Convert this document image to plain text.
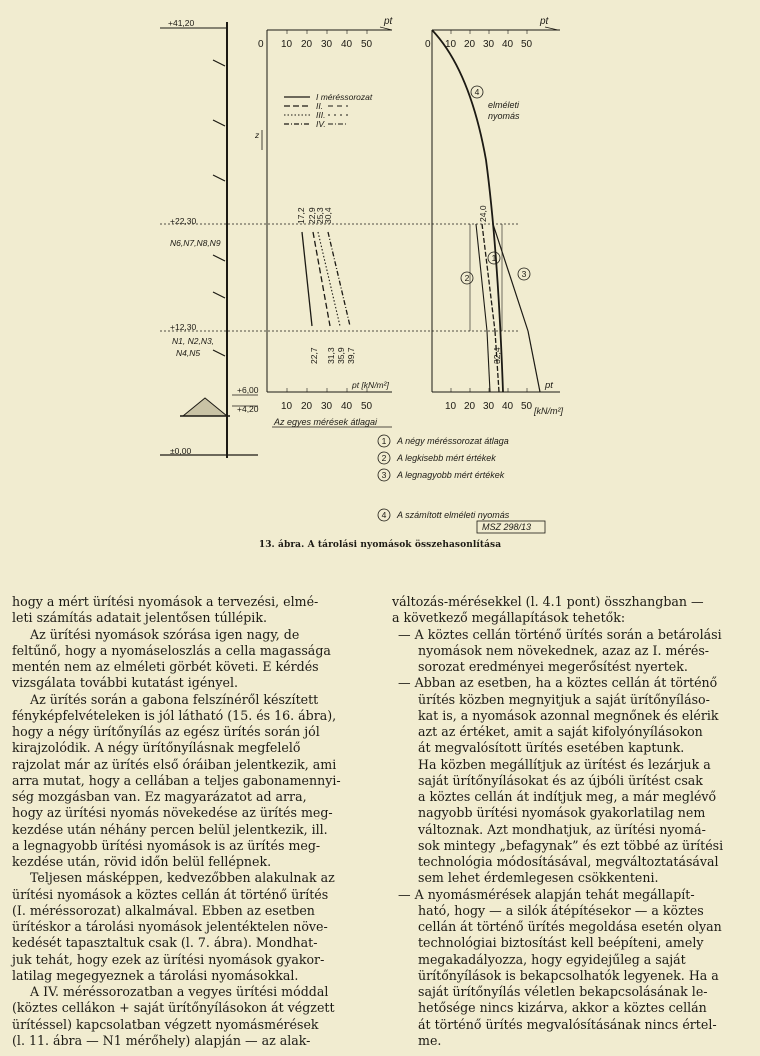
+41,20
+22,30
N6,N7,N8,N9
+12,30
N1, N2,N3,
N4,N5
+6,00
+4,20
±0,00
z
pt
0 10 20 30 40 50
10 20 30 40 50
pt [kN/m²]
I méréssorozat
II.
III.
IV.
Az egyes mérések átlagai
17,2 22,9
25,3
30,4
22,7 31,3 35,9 39,7
24,0
32,4
pt
0 10 20 30 40 50
10 20 30 40 50
pt
[kN/m²]
elméleti
nyomás
4
1
3
2
1
2
3
4
A négy méréssorozat átlaga
A legkisebb mért értékek
A legnagyobb mért értékek
A számított elméleti nyomás
MSZ 298/13
13. ábra. A tárolási nyomások összehasonlítása

hogy a mért ürítési nyomások a tervezési, elmé-

leti számítás adatait jelentősen túllépik.

Az ürítési nyomások szórása igen nagy, de

feltűnő, hogy a nyomáseloszlás a cella magassága

mentén nem az elméleti görbét követi. E kérdés

vizsgálata további kutatást igényel.

Az ürítés során a gabona felszínéről készített

fényképfelvételeken is jól látható (15. és 16. ábra),

hogy a négy ürítőnyílás az egész ürítés során jól

kirajzolódik. A négy ürítőnyílásnak megfelelő

rajzolat már az ürítés első óráiban jelentkezik, ami

arra mutat, hogy a cellában a teljes gabonamennyi-

ség mozgásban van. Ez magyarázatot ad arra,

hogy az ürítési nyomás növekedése az ürítés meg-

kezdése után néhány percen belül jelentkezik, ill.

a legnagyobb ürítési nyomások is az ürítés meg-

kezdése után, rövid időn belül fellépnek.

Teljesen másképpen, kedvezőbben alakulnak az

ürítési nyomások a köztes cellán át történő ürítés

(I. méréssorozat) alkalmával. Ebben az esetben

ürítéskor a tárolási nyomások jelentéktelen növe-

kedését tapasztaltuk csak (l. 7. ábra). Mondhat-

juk tehát, hogy ezek az ürítési nyomások gyakor-

latilag megegyeznek a tárolási nyomásokkal.

A IV. méréssorozatban a vegyes ürítési móddal

(köztes cellákon + saját ürítőnyílásokon át végzett

ürítéssel) kapcsolatban végzett nyomásmérések

(l. 11. ábra — N1 mérőhely) alapján — az alak-

változás-mérésekkel (l. 4.1 pont) összhangban —

a következő megállapítások tehetők:

— A köztes cellán történő ürítés során a betárolási

nyomások nem növekednek, azaz az I. mérés-

sorozat eredményei megerősítést nyertek.

— Abban az esetben, ha a köztes cellán át történő

ürítés közben megnyitjuk a saját ürítőnyíláso-

kat is, a nyomások azonnal megnőnek és elérik

azt az értéket, amit a saját kifolyónyílásokon

át megvalósított ürítés esetében kaptunk.

Ha közben megállítjuk az ürítést és lezárjuk a

saját ürítőnyílásokat és az újbóli ürítést csak

a köztes cellán át indítjuk meg, a már meglévő

nagyobb ürítési nyomások gyakorlatilag nem

változnak. Azt mondhatjuk, az ürítési nyomá-

sok mintegy „befagynak” és ezt többé az ürítési

technológia módosításával, megváltoztatásával

sem lehet érdemlegesen csökkenteni.

— A nyomásmérések alapján tehát megállapít-

ható, hogy — a silók átépítésekor — a köztes

cellán át történő ürítés megoldása esetén olyan

technológiai biztosítást kell beépíteni, amely

megakadályozza, hogy egyidejűleg a saját

ürítőnyílások is bekapcsolhatók legyenek. Ha a

saját ürítőnyílás véletlen bekapcsolásának le-

hetősége nincs kizárva, akkor a köztes cellán

át történő ürítés megvalósításának nincs értel-

me.
